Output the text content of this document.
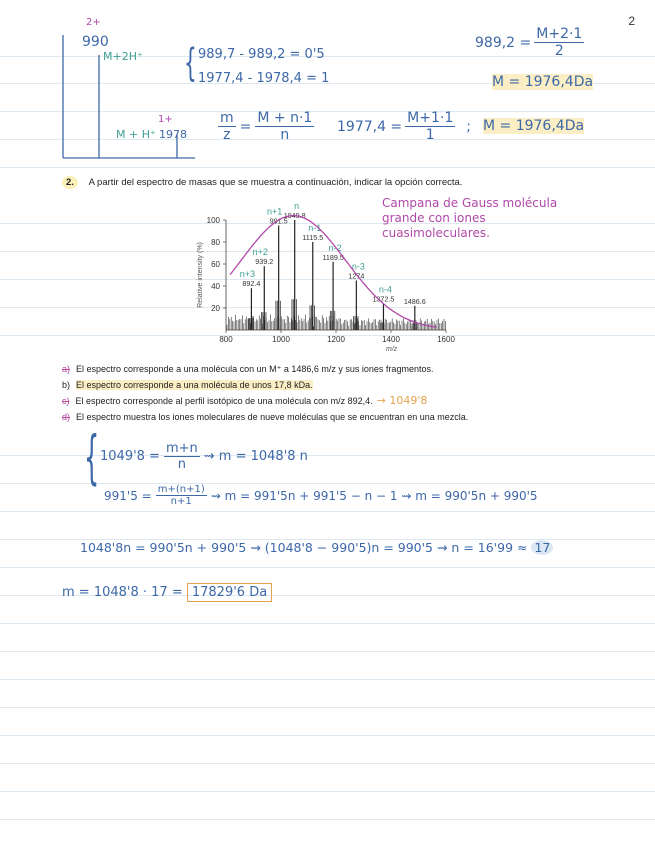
2
2+
990
M+2H⁺
1+
M + H⁺ 1978
{ 989,7 - 989,2 = 0'5
1977,4 - 1978,4 = 1
$989,2 = \frac{M+2\cdot 1}{2}$
M = 1976,4Da
$\frac{m}{z} = \frac{M + n\cdot 1}{n} 1977,4 = \frac{M+1\cdot 1}{1}$ ; M = 1976,4Da
2. A partir del espectro de masas que se muestra a continuación, indicar la opción correcta.
20
40
60
80
100
800	1000	1200	1400	1600
m/z
Relative intensity (%)	892.4
n+3
939.2
n+2
991.5
n+1 1049.8
n
1115.5
n-1
1189.5
n-2
1274
n-3
1372.5
n-4
1486.6
Campana de Gauss molécula grande con iones cuasimoleculares.
a) El espectro corresponde a una molécula con un M⁺ a 1486,6 m/z y sus iones fragmentos.
b) El espectro corresponde a una molécula de unos 17,8 kDa.
c) El espectro corresponde al perfil isotópico de una molécula con m/z 892,4. → 1049'8
d) El espectro muestra los iones moleculares de nueve moléculas que se encuentran en una mezcla.
{ $1049'8 = \frac{m+n}{n}$ ⇝ m = 1048'8 n
$991'5 = \frac{m+(n+1)}{n+1}$ ⇝ m = 991'5n + 991'5 − n − 1 ⇝ m = 990'5n + 990'5
1048'8n = 990'5n + 990'5 ⇝ (1048'8 − 990'5)n = 990'5 ⇝ n = 16'99 ≈ 17
m = 1048'8 · 17 = 17829'6 Da
